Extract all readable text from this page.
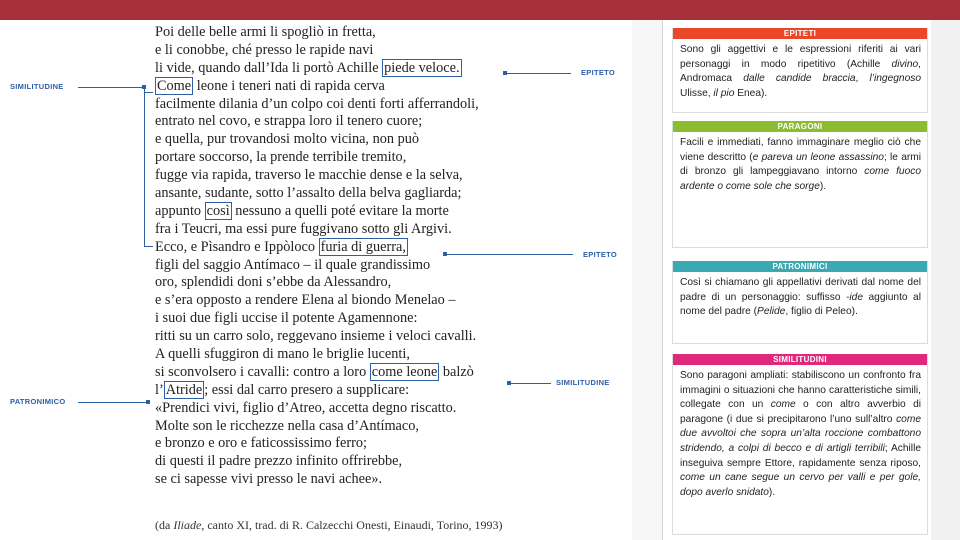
Poi delle belle armi li spogliò in fretta,
e li conobbe, ché presso le rapide navi
li vide, quando dall’Ida li portò Achille piede veloce.
Come leone i teneri nati di rapida cerva
facilmente dilania d’un colpo coi denti forti afferrandoli,
entrato nel covo, e strappa loro il tenero cuore;
e quella, pur trovandosi molto vicina, non può
portare soccorso, la prende terribile tremito,
fugge via rapida, traverso le macchie dense e la selva,
ansante, sudante, sotto l’assalto della belva gagliarda;
appunto così nessuno a quelli poté evitare la morte
fra i Teucri, ma essi pure fuggivano sotto gli Argivi.
Ecco, e Pìsandro e Ippòloco furia di guerra,
figli del saggio Antímaco – il quale grandissimo
oro, splendidi doni s’ebbe da Alessandro,
e s’era opposto a rendere Elena al biondo Menelao –
i suoi due figli uccise il potente Agamennone:
ritti su un carro solo, reggevano insieme i veloci cavalli.
A quelli sfuggiron di mano le briglie lucenti,
si sconvolsero i cavalli: contro a loro come leone balzò
l’ Atride ; essi dal carro presero a supplicare:
«Prendici vivi, figlio d’Atreo, accetta degno riscatto.
Molte son le ricchezze nella casa d’Antímaco,
e bronzo e oro e faticossissimo ferro;
di questi il padre prezzo infinito offrirebbe,
se ci sapesse vivi presso le navi achee».
(da Iliade, canto XI, trad. di R. Calzecchi Onesti, Einaudi, Torino, 1993)
SIMILITUDINE
PATRONIMICO
EPITETO
EPITETO
SIMILITUDINE
EPITETI
Sono gli aggettivi e le espressioni riferiti ai vari personaggi in modo ripetitivo (Achille divino, Andromaca dalle candide braccia, l’ingegnoso Ulisse, il pio Enea).
PARAGONI
Facili e immediati, fanno immaginare meglio ciò che viene descritto (e pareva un leone assassino; le armi di bronzo gli lampeggiavano intorno come fuoco ardente o come sole che sorge).
PATRONIMICI
Così si chiamano gli appellativi derivati dal nome del padre di un personaggio: suffisso -ide aggiunto al nome del padre (Pelide, figlio di Peleo).
SIMILITUDINI
Sono paragoni ampliati: stabiliscono un confronto fra immagini o situazioni che hanno caratteristiche simili, collegate con un come o con altro avverbio di paragone (i due si precipitarono l’uno sull’altro come due avvoltoi che sopra un’alta roccione combattono stridendo, a colpi di becco e di artigli terribili; Achille inseguiva sempre Ettore, rapidamente senza riposo, come un cane segue un cervo per valli e per gole, dopo averlo snidato).
